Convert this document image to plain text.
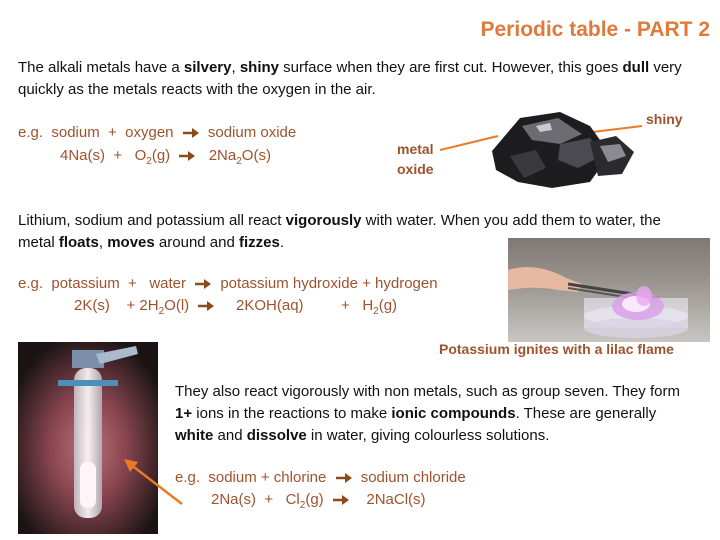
Periodic table - PART 2
The alkali metals have a silvery, shiny surface when they are first cut. However, this goes dull very quickly as the metals reacts with the oxygen in the air.
e.g.  sodium  +  oxygen sodium oxide
$4Na(s) + O_2(g)$	$2Na_2O(s)$	metal
oxide
shiny
Lithium, sodium and potassium all react vigorously with water. When you add them to water, the metal floats, moves around and fizzes.
e.g.  potassium  +   water potassium hydroxide + hydrogen
2K(s)    + $2H_2O(l)$	2KOH(aq)         +   $H_2(g)$
Potassium ignites with a lilac flame
They also react vigorously with non metals, such as group seven. They form 1+ ions in the reactions to make ionic compounds. These are generally white and dissolve in water, giving colourless solutions.
e.g.  sodium + chlorine sodium chloride
$2Na(s) + Cl_2(g)$	2NaCl(s)
